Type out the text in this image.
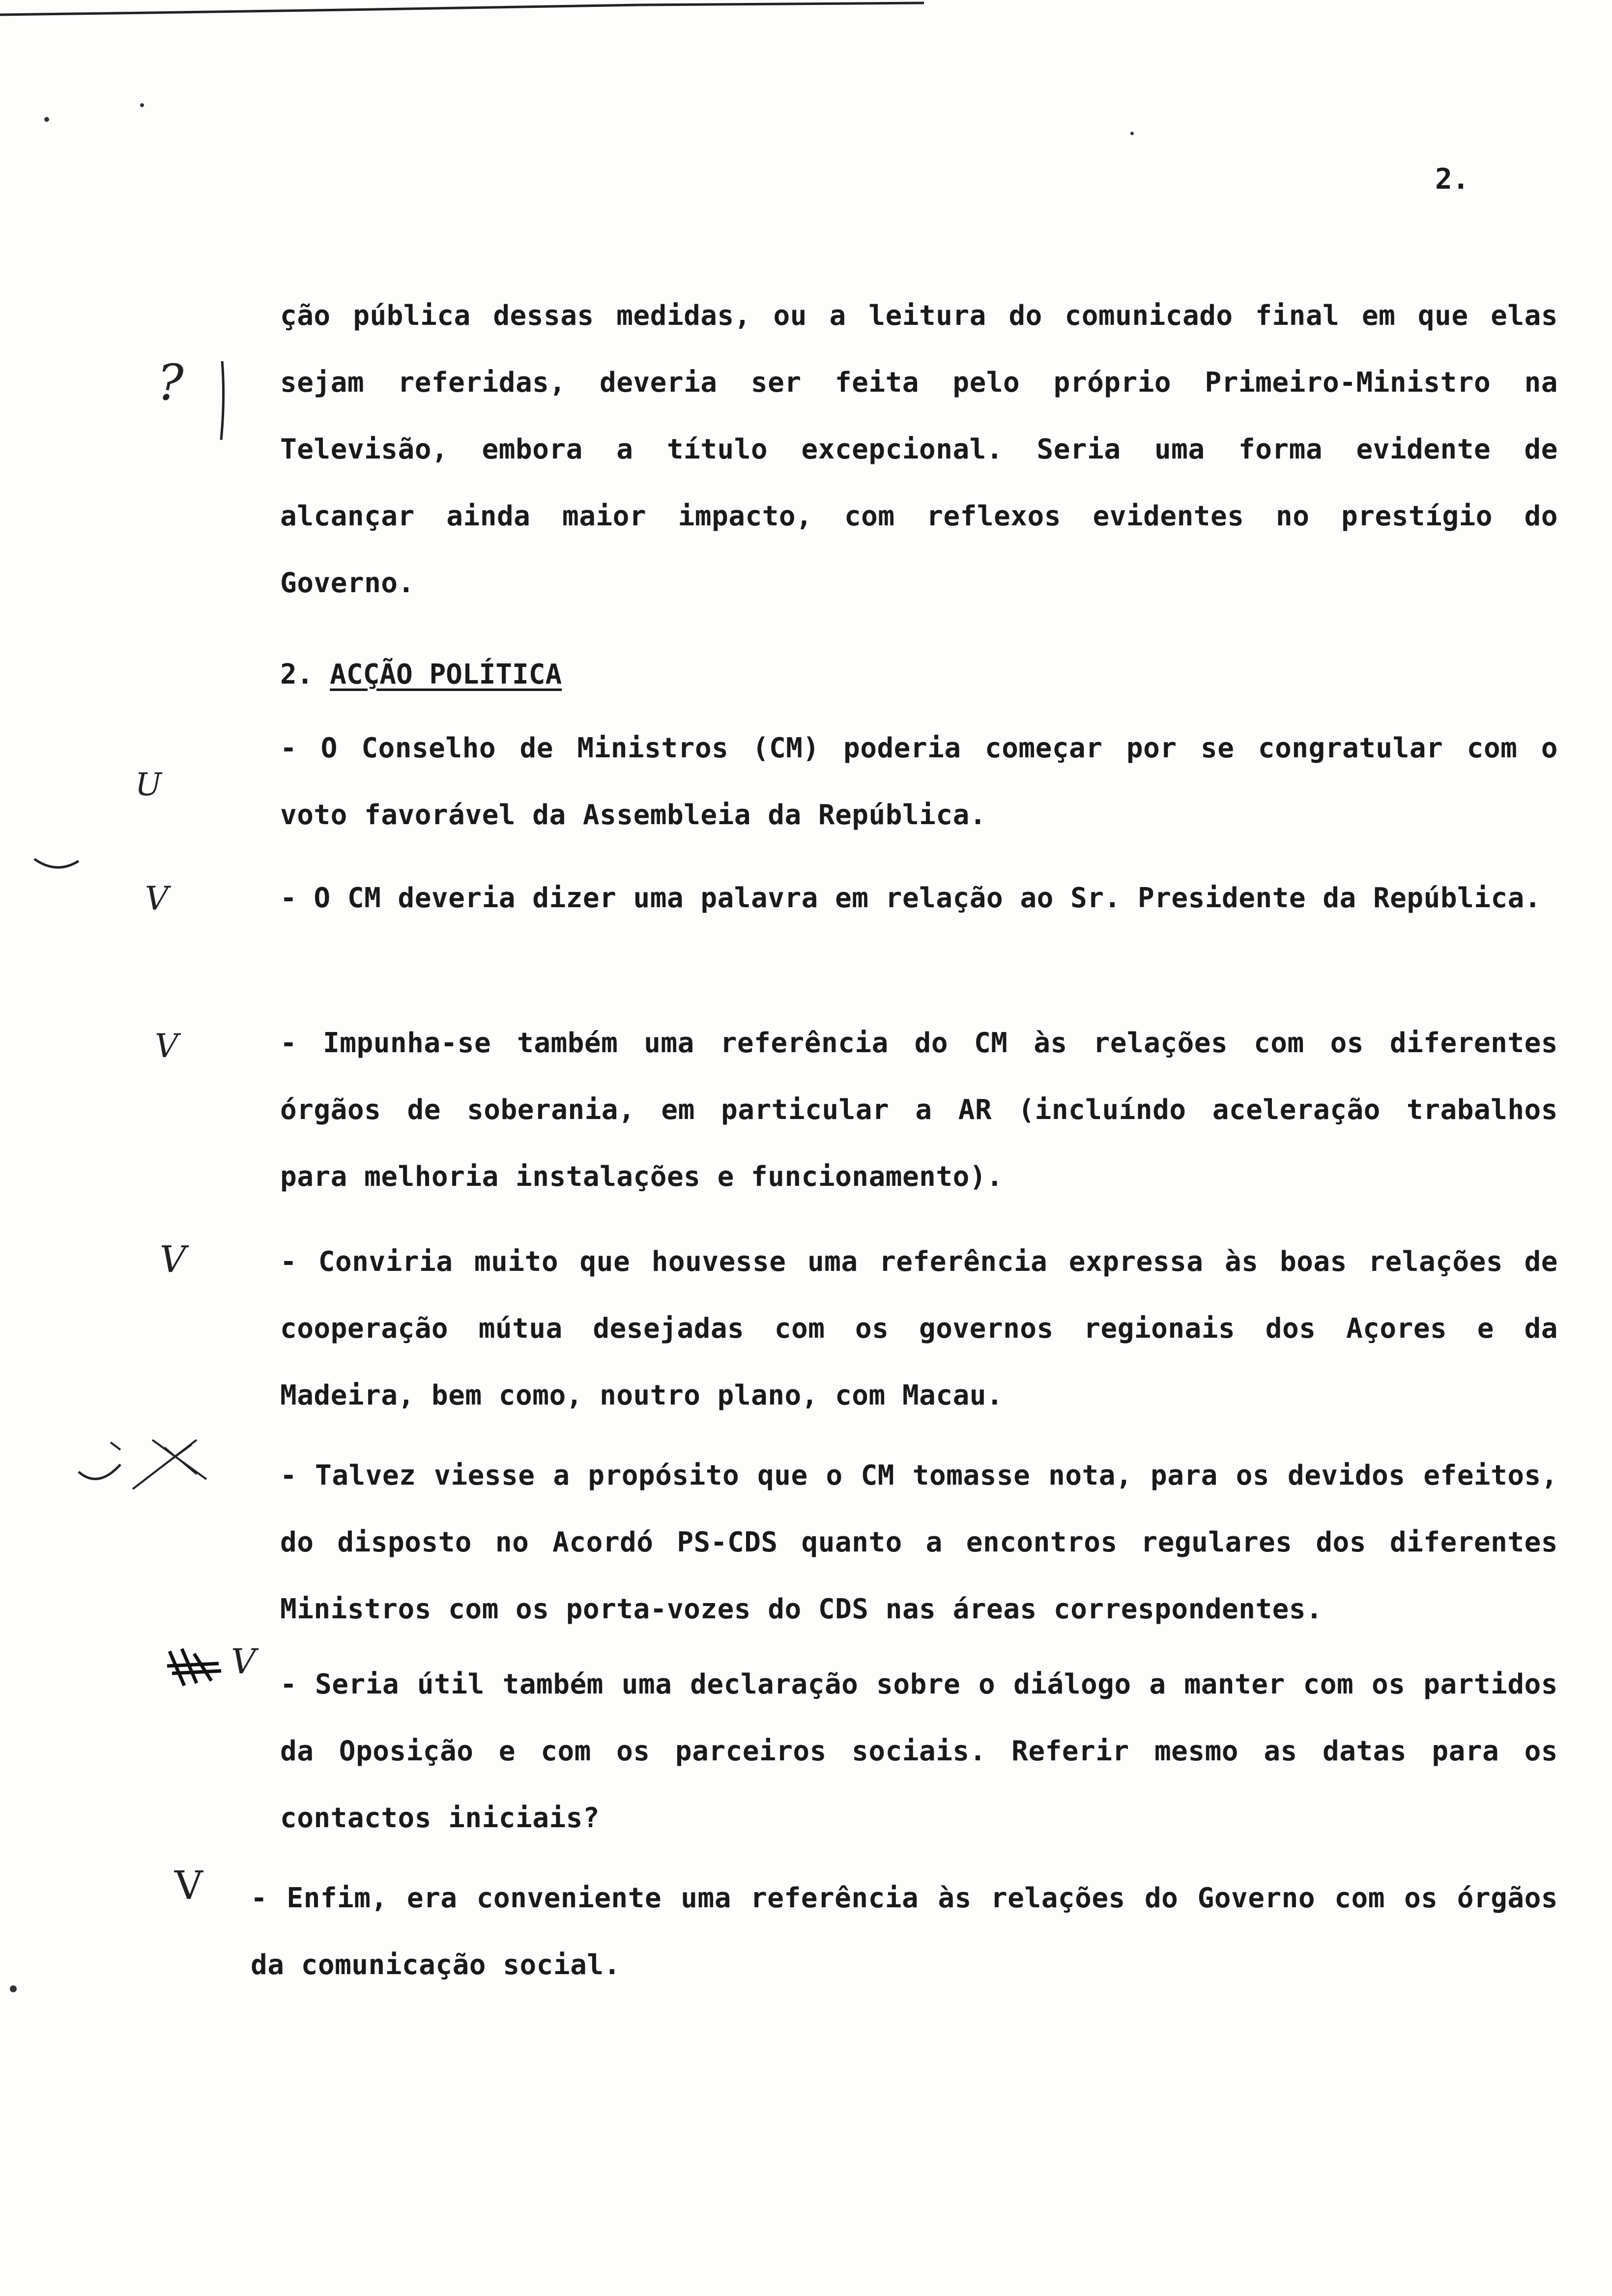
2.

ção pública dessas medidas, ou a leitura do comunicado final em que elas sejam referidas, deveria ser feita pelo próprio Primeiro-Ministro na Televisão, embora a título excepcional. Seria uma forma evidente de alcançar ainda maior impacto, com reflexos evidentes no prestígio do Governo.

2. ACÇÃO POLÍTICA
- O Conselho de Ministros (CM) poderia começar por se congratular com o voto favorável da Assembleia da República.
- O CM deveria dizer uma palavra em relação ao Sr. Presidente da República.
- Impunha-se também uma referência do CM às relações com os diferentes órgãos de soberania, em particular a AR (incluíndo aceleração trabalhos para melhoria instalações e funcionamento).
- Conviria muito que houvesse uma referência expressa às boas relações de cooperação mútua desejadas com os governos regionais dos Açores e da Madeira, bem como, noutro plano, com Macau.
- Talvez viesse a propósito que o CM tomasse nota, para os devidos efeitos, do disposto no Acordó PS-CDS quanto a encontros regulares dos diferentes Ministros com os porta-vozes do CDS nas áreas correspondentes.
- Seria útil também uma declaração sobre o diálogo a manter com os partidos da Oposição e com os parceiros sociais. Referir mesmo as datas para os contactos iniciais?
- Enfim, era conveniente uma referência às relações do Governo com os órgãos da comunicação social.
?
U
V
V
V
V
V
